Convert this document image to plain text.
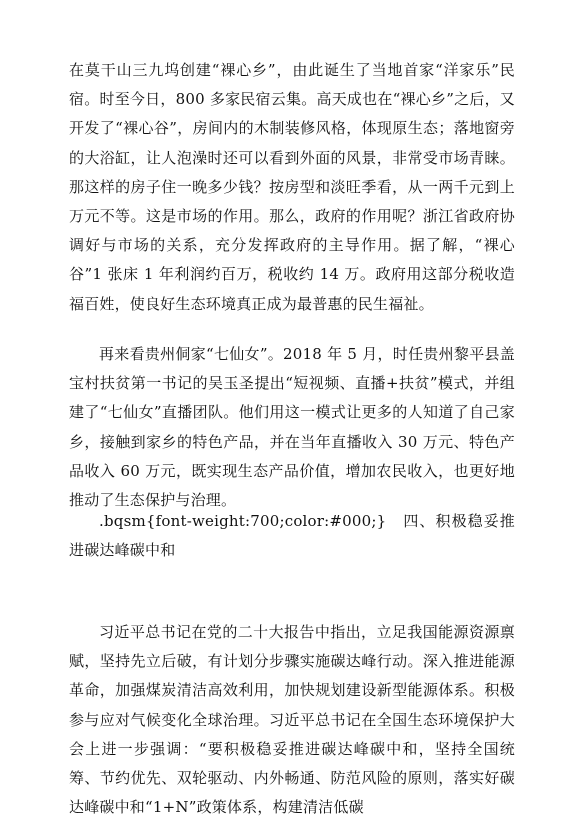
在莫干山三九坞创建“裸心乡”，由此诞生了当地首家“洋家乐”民宿。时至今日，800 多家民宿云集。高天成也在“裸心乡”之后，又开发了“裸心谷”，房间内的木制装修风格，体现原生态；落地窗旁的大浴缸，让人泡澡时还可以看到外面的风景，非常受市场青睐。那这样的房子住一晚多少钱？按房型和淡旺季看，从一两千元到上万元不等。这是市场的作用。那么，政府的作用呢？浙江省政府协调好与市场的关系，充分发挥政府的主导作用。据了解，“裸心谷”1 张床 1 年利润约百万，税收约 14 万。政府用这部分税收造福百姓，使良好生态环境真正成为最普惠的民生福祉。

再来看贵州侗家“七仙女”。2018 年 5 月，时任贵州黎平县盖宝村扶贫第一书记的吴玉圣提出“短视频、直播+扶贫”模式，并组建了“七仙女”直播团队。他们用这一模式让更多的人知道了自己家乡，接触到家乡的特色产品，并在当年直播收入 30 万元、特色产品收入 60 万元，既实现生态产品价值，增加农民收入，也更好地推动了生态保护与治理。

.bqsm{font-weight:700;color:#000;}　四、积极稳妥推进碳达峰碳中和

习近平总书记在党的二十大报告中指出，立足我国能源资源禀赋，坚持先立后破，有计划分步骤实施碳达峰行动。深入推进能源革命，加强煤炭清洁高效利用，加快规划建设新型能源体系。积极参与应对气候变化全球治理。习近平总书记在全国生态环境保护大会上进一步强调：“要积极稳妥推进碳达峰碳中和，坚持全国统筹、节约优先、双轮驱动、内外畅通、防范风险的原则，落实好碳达峰碳中和“1+N”政策体系，构建清洁低碳
